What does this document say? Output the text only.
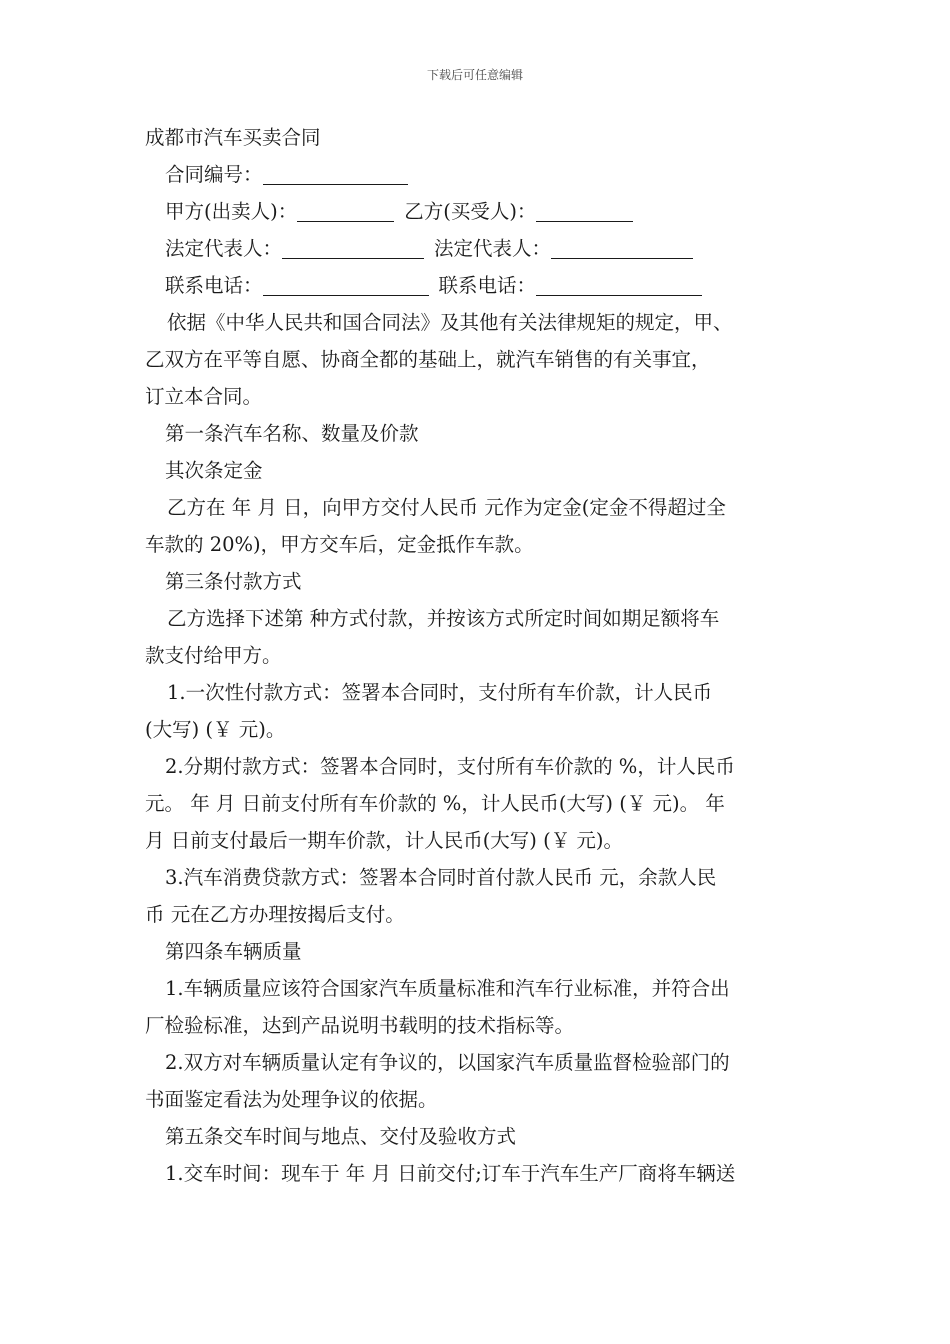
下载后可任意编辑
成都市汽车买卖合同
合同编号：
甲方(出卖人)：	乙方(买受人)：
法定代表人：	法定代表人：
联系电话：	联系电话：
依据《中华人民共和国合同法》及其他有关法律规矩的规定，甲、
乙双方在平等自愿、协商全都的基础上，就汽车销售的有关事宜，
订立本合同。
第一条汽车名称、数量及价款
其次条定金
乙方在 年 月 日，向甲方交付人民币 元作为定金(定金不得超过全
车款的 20%)，甲方交车后，定金抵作车款。
第三条付款方式
乙方选择下述第 种方式付款，并按该方式所定时间如期足额将车
款支付给甲方。
1.一次性付款方式：签署本合同时，支付所有车价款，计人民币
(大写) (￥ 元)。
2.分期付款方式：签署本合同时，支付所有车价款的 %，计人民币
元。 年 月 日前支付所有车价款的 %，计人民币(大写) (￥ 元)。 年
月 日前支付最后一期车价款，计人民币(大写) (￥ 元)。
3.汽车消费贷款方式：签署本合同时首付款人民币 元，余款人民
币 元在乙方办理按揭后支付。
第四条车辆质量
1.车辆质量应该符合国家汽车质量标准和汽车行业标准，并符合出
厂检验标准，达到产品说明书载明的技术指标等。
2.双方对车辆质量认定有争议的，以国家汽车质量监督检验部门的
书面鉴定看法为处理争议的依据。
第五条交车时间与地点、交付及验收方式
1.交车时间：现车于 年 月 日前交付;订车于汽车生产厂商将车辆送
